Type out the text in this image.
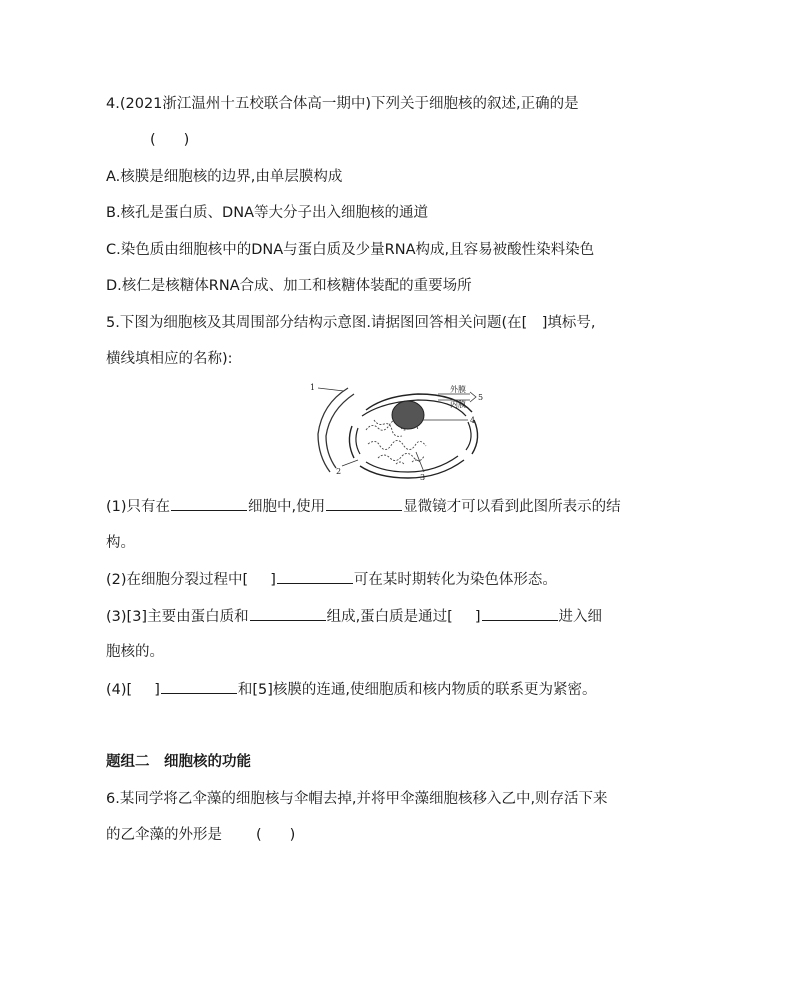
4.(2021浙江温州十五校联合体高一期中)下列关于细胞核的叙述,正确的是
( )
A.核膜是细胞核的边界,由单层膜构成
B.核孔是蛋白质、DNA等大分子出入细胞核的通道
C.染色质由细胞核中的DNA与蛋白质及少量RNA构成,且容易被酸性染料染色
D.核仁是核糖体RNA合成、加工和核糖体装配的重要场所
5.下图为细胞核及其周围部分结构示意图.请据图回答相关问题(在[　]填标号,
横线填相应的名称):
1
2
3
4
5
外膜
内膜
(1)只有在	细胞中,使用	显微镜才可以看到此图所表示的结
构。
(2)在细胞分裂过程中[ ]	可在某时期转化为染色体形态。
(3)[3]主要由蛋白质和	组成,蛋白质是通过[ ]	进入细
胞核的。
(4)[ ]	和[5]核膜的连通,使细胞质和核内物质的联系更为紧密。
题组二　细胞核的功能
6.某同学将乙伞藻的细胞核与伞帽去掉,并将甲伞藻细胞核移入乙中,则存活下来
的乙伞藻的外形是 ( )
